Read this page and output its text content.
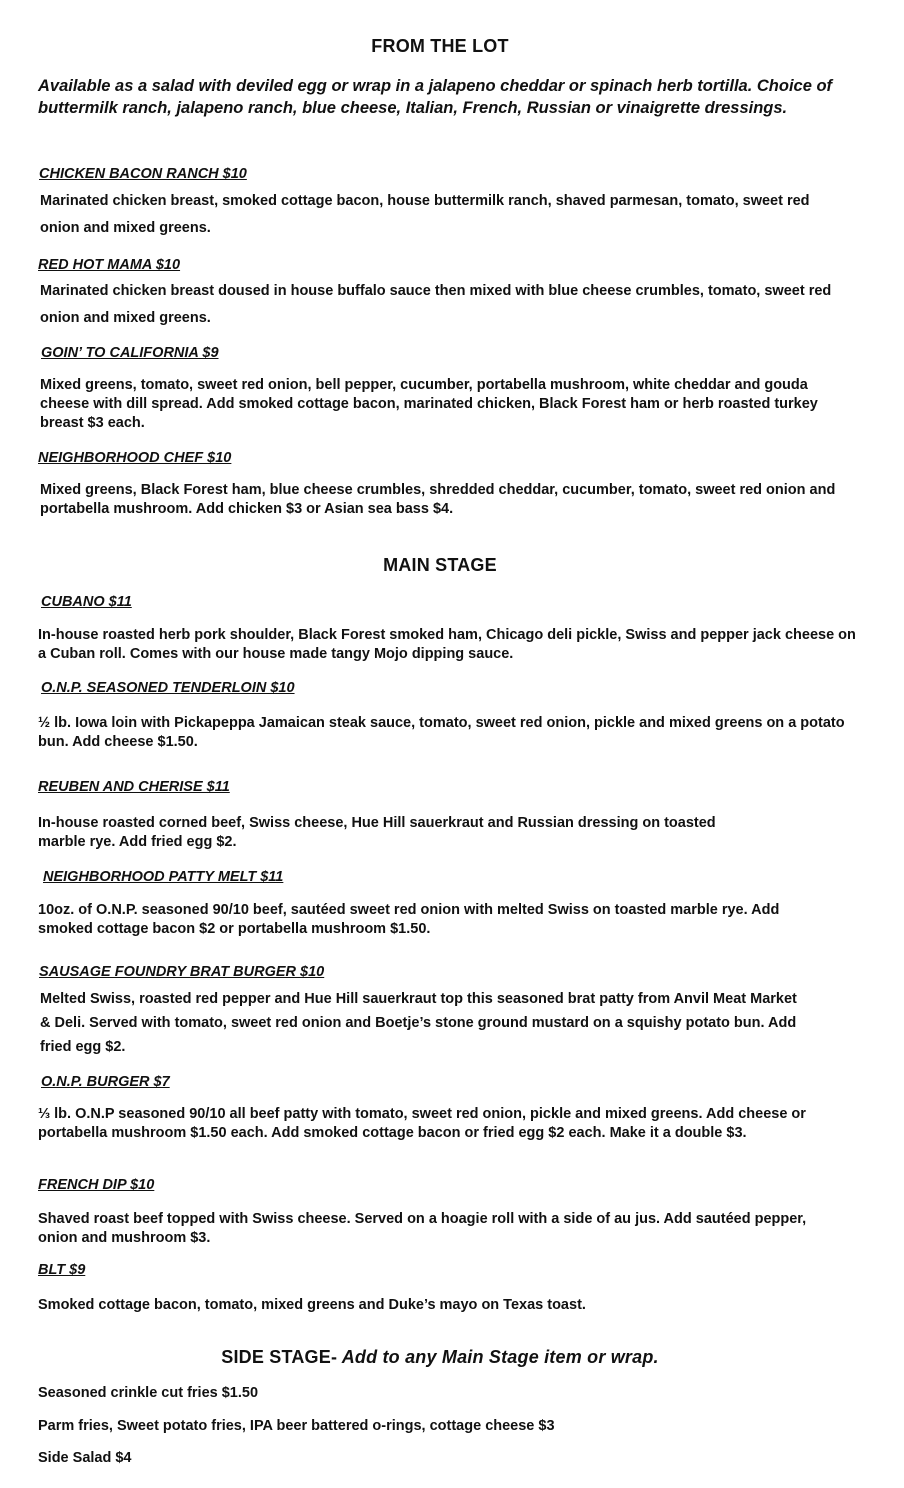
FROM THE LOT
Available as a salad with deviled egg or wrap in a jalapeno cheddar or spinach herb tortilla. Choice of buttermilk ranch, jalapeno ranch, blue cheese, Italian, French, Russian or vinaigrette dressings.
CHICKEN BACON RANCH $10
Marinated chicken breast, smoked cottage bacon, house buttermilk ranch, shaved parmesan, tomato, sweet red onion and mixed greens.
RED HOT MAMA $10
Marinated chicken breast doused in house buffalo sauce then mixed with blue cheese crumbles, tomato, sweet red onion and mixed greens.
GOIN’ TO CALIFORNIA $9
Mixed greens, tomato, sweet red onion, bell pepper, cucumber, portabella mushroom, white cheddar and gouda cheese with dill spread. Add smoked cottage bacon, marinated chicken, Black Forest ham or herb roasted turkey breast $3 each.
NEIGHBORHOOD CHEF $10
Mixed greens, Black Forest ham, blue cheese crumbles, shredded cheddar, cucumber, tomato, sweet red onion and portabella mushroom. Add chicken $3 or Asian sea bass $4.
MAIN STAGE
CUBANO $11
In-house roasted herb pork shoulder, Black Forest smoked ham, Chicago deli pickle, Swiss and pepper jack cheese on a Cuban roll. Comes with our house made tangy Mojo dipping sauce.
O.N.P. SEASONED TENDERLOIN $10
½ lb. Iowa loin with Pickapeppa Jamaican steak sauce, tomato, sweet red onion, pickle and mixed greens on a potato bun. Add cheese $1.50.
REUBEN AND CHERISE $11
In-house roasted corned beef, Swiss cheese, Hue Hill sauerkraut and Russian dressing on toasted marble rye. Add fried egg $2.
NEIGHBORHOOD PATTY MELT $11
10oz. of O.N.P. seasoned 90/10 beef, sautéed sweet red onion with melted Swiss on toasted marble rye. Add smoked cottage bacon $2 or portabella mushroom $1.50.
SAUSAGE FOUNDRY BRAT BURGER $10
Melted Swiss, roasted red pepper and Hue Hill sauerkraut top this seasoned brat patty from Anvil Meat Market & Deli. Served with tomato, sweet red onion and Boetje’s stone ground mustard on a squishy potato bun. Add fried egg $2.
O.N.P. BURGER $7
⅓ lb. O.N.P seasoned 90/10 all beef patty with tomato, sweet red onion, pickle and mixed greens. Add cheese or portabella mushroom $1.50 each. Add smoked cottage bacon or fried egg $2 each. Make it a double $3.
FRENCH DIP $10
Shaved roast beef topped with Swiss cheese. Served on a hoagie roll with a side of au jus. Add sautéed pepper, onion and mushroom $3.
BLT $9
Smoked cottage bacon, tomato, mixed greens and Duke’s mayo on Texas toast.
SIDE STAGE- Add to any Main Stage item or wrap.
Seasoned crinkle cut fries $1.50
Parm fries, Sweet potato fries, IPA beer battered o-rings, cottage cheese $3
Side Salad $4
